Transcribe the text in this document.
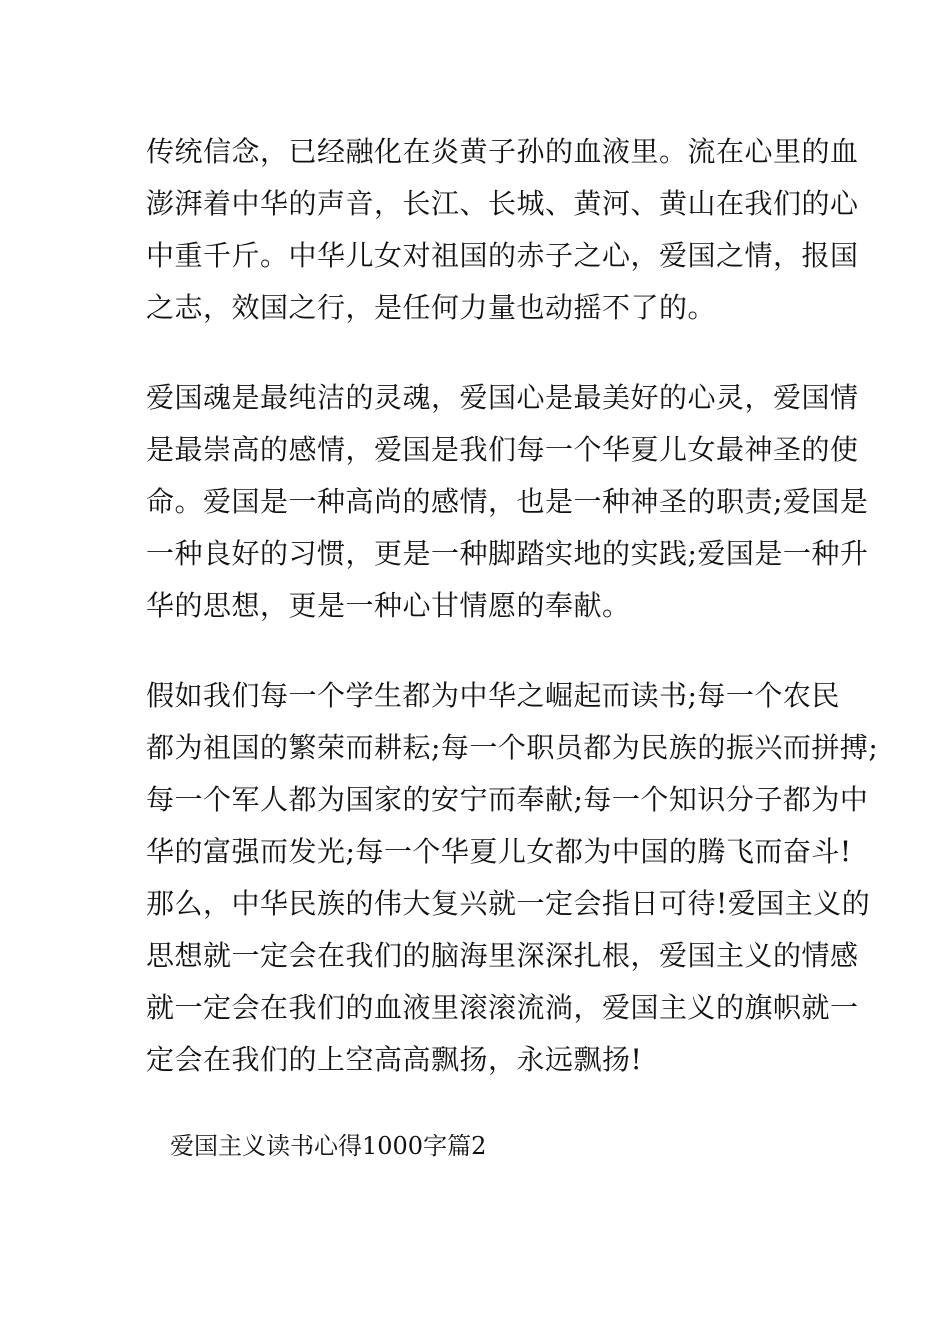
传统信念，已经融化在炎黄子孙的血液里。流在心里的血
澎湃着中华的声音，长江、长城、黄河、黄山在我们的心
中重千斤。中华儿女对祖国的赤子之心，爱国之情，报国
之志，效国之行，是任何力量也动摇不了的。
爱国魂是最纯洁的灵魂，爱国心是最美好的心灵，爱国情
是最崇高的感情，爱国是我们每一个华夏儿女最神圣的使
命。爱国是一种高尚的感情，也是一种神圣的职责;爱国是
一种良好的习惯，更是一种脚踏实地的实践;爱国是一种升
华的思想，更是一种心甘情愿的奉献。
假如我们每一个学生都为中华之崛起而读书;每一个农民
都为祖国的繁荣而耕耘;每一个职员都为民族的振兴而拼搏;
每一个军人都为国家的安宁而奉献;每一个知识分子都为中
华的富强而发光;每一个华夏儿女都为中国的腾飞而奋斗!
那么，中华民族的伟大复兴就一定会指日可待!爱国主义的
思想就一定会在我们的脑海里深深扎根，爱国主义的情感
就一定会在我们的血液里滚滚流淌，爱国主义的旗帜就一
定会在我们的上空高高飘扬，永远飘扬!
爱国主义读书心得1000字篇2
